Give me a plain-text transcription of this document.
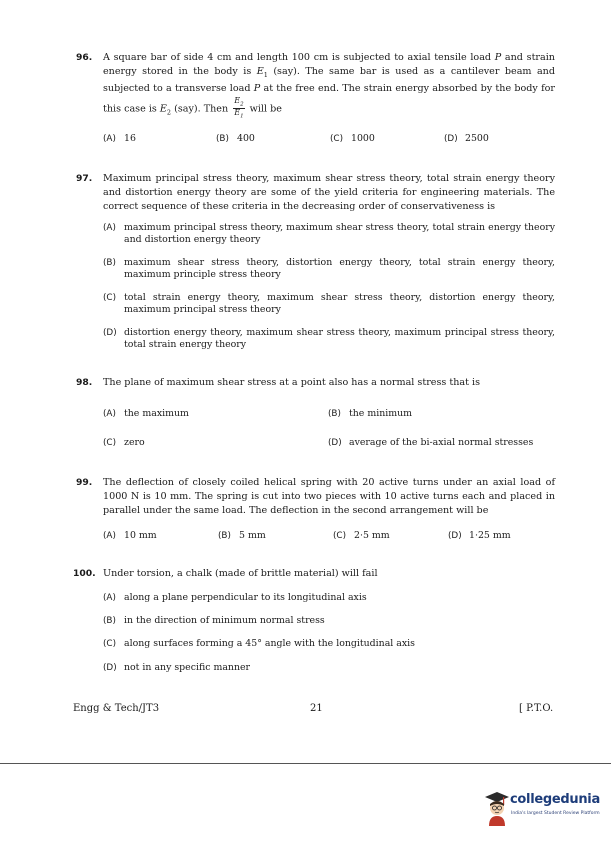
96. A square bar of side 4 cm and length 100 cm is subjected to axial tensile load P and strain energy stored in the body is $E_1$ (say). The same bar is used as a cantilever beam and subjected to a transverse load P at the free end. The strain energy absorbed by the body for this case is $E_2$ (say). Then $\frac{E_2}{E_1}$ will be
(A) 16	(B) 400	(C) 1000	(D) 2500
97. Maximum principal stress theory, maximum shear stress theory, total strain energy theory and distortion energy theory are some of the yield criteria for engineering materials. The correct sequence of these criteria in the decreasing order of conservativeness is
(A) maximum principal stress theory, maximum shear stress theory, total strain energy theory and distortion energy theory
(B) maximum shear stress theory, distortion energy theory, total strain energy theory, maximum principle stress theory
(C) total strain energy theory, maximum shear stress theory, distortion energy theory, maximum principal stress theory
(D) distortion energy theory, maximum shear stress theory, maximum principal stress theory, total strain energy theory
98. The plane of maximum shear stress at a point also has a normal stress that is
(A) the maximum	(B) the minimum
(C) zero	(D) average of the bi-axial normal stresses
99. The deflection of closely coiled helical spring with 20 active turns under an axial load of 1000 N is 10 mm. The spring is cut into two pieces with 10 active turns each and placed in parallel under the same load. The deflection in the second arrangement will be
(A) 10 mm	(B) 5 mm	(C) 2·5 mm	(D) 1·25 mm
100. Under torsion, a chalk (made of brittle material) will fail
(A) along a plane perpendicular to its longitudinal axis
(B) in the direction of minimum normal stress
(C) along surfaces forming a 45° angle with the longitudinal axis
(D) not in any specific manner
Engg & Tech/JT3	21	[ P.T.O.
collegedunia
India's largest Student Review Platform
